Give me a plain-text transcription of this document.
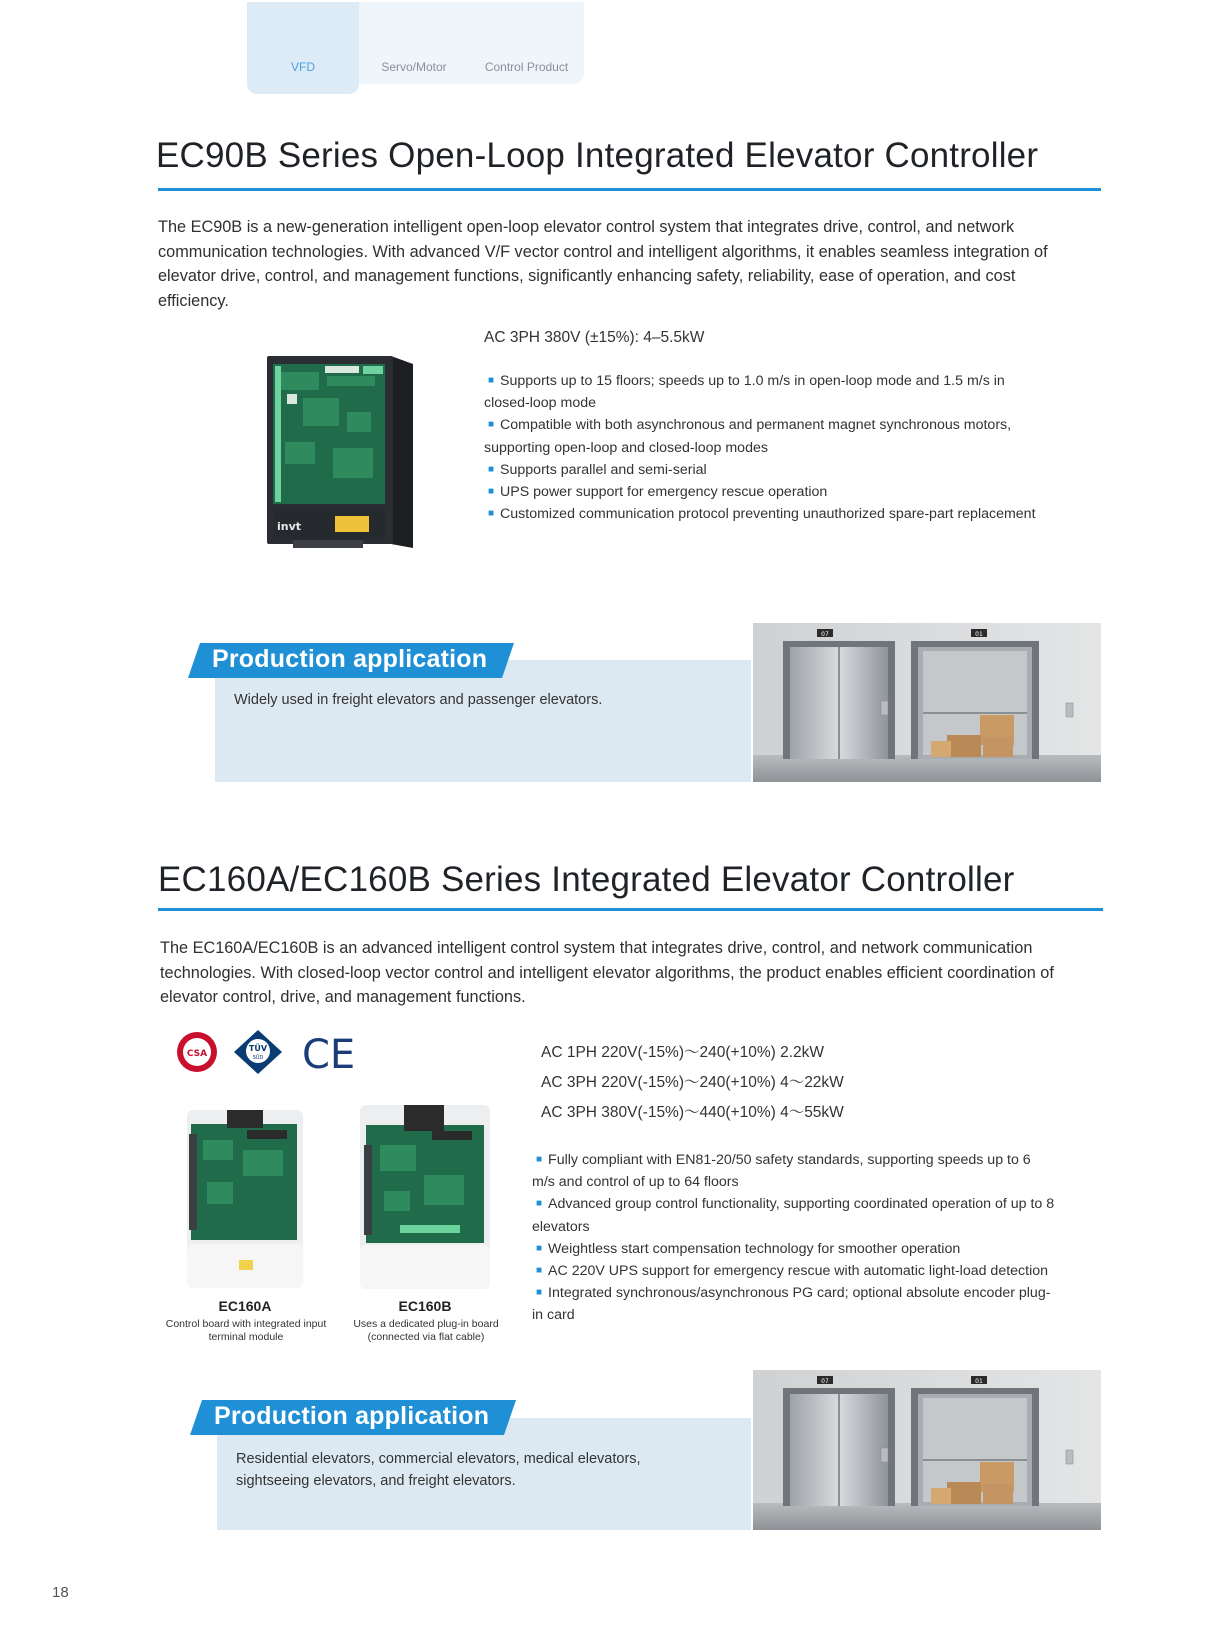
Servo/Motor	Control Product
VFD
EC90B Series Open-Loop Integrated Elevator Controller

The EC90B is a new-generation intelligent open-loop elevator control system that integrates drive, control, and network communication technologies. With advanced V/F vector control and intelligent algorithms, it enables seamless integration of elevator drive, control, and management functions, significantly enhancing safety, reliability, ease of operation, and cost efficiency.

invt
AC 3PH 380V (±15%): 4–5.5kW
■ Supports up to 15 floors; speeds up to 1.0 m/s in open-loop mode and 1.5 m/s in closed-loop mode
■ Compatible with both asynchronous and permanent magnet synchronous motors, supporting open-loop and closed-loop modes
■ Supports parallel and semi-serial
■ UPS power support for emergency rescue operation
■ Customized communication protocol preventing unauthorized spare-part replacement
Production application
Widely used in freight elevators and passenger elevators.
07	01
EC160A/EC160B Series Integrated Elevator Controller

The EC160A/EC160B is an advanced intelligent control system that integrates drive, control, and network communication technologies. With closed-loop vector control and intelligent elevator algorithms, the product enables efficient coordination of elevator control, drive, and management functions.

CSA
TÜV
SÜD CE
EC160A
Control board with integrated input terminal module
EC160B
Uses a dedicated plug-in board (connected via flat cable)
AC 1PH 220V(-15%)～240(+10%) 2.2kW
AC 3PH 220V(-15%)～240(+10%) 4～22kW
AC 3PH 380V(-15%)～440(+10%) 4～55kW
■ Fully compliant with EN81-20/50 safety standards, supporting speeds up to 6 m/s and control of up to 64 floors
■ Advanced group control functionality, supporting coordinated operation of up to 8 elevators
■ Weightless start compensation technology for smoother operation
■ AC 220V UPS support for emergency rescue with automatic light-load detection
■ Integrated synchronous/asynchronous PG card; optional absolute encoder plug-in card
Production application
Residential elevators, commercial elevators, medical elevators, sightseeing elevators, and freight elevators.
07	01
18
